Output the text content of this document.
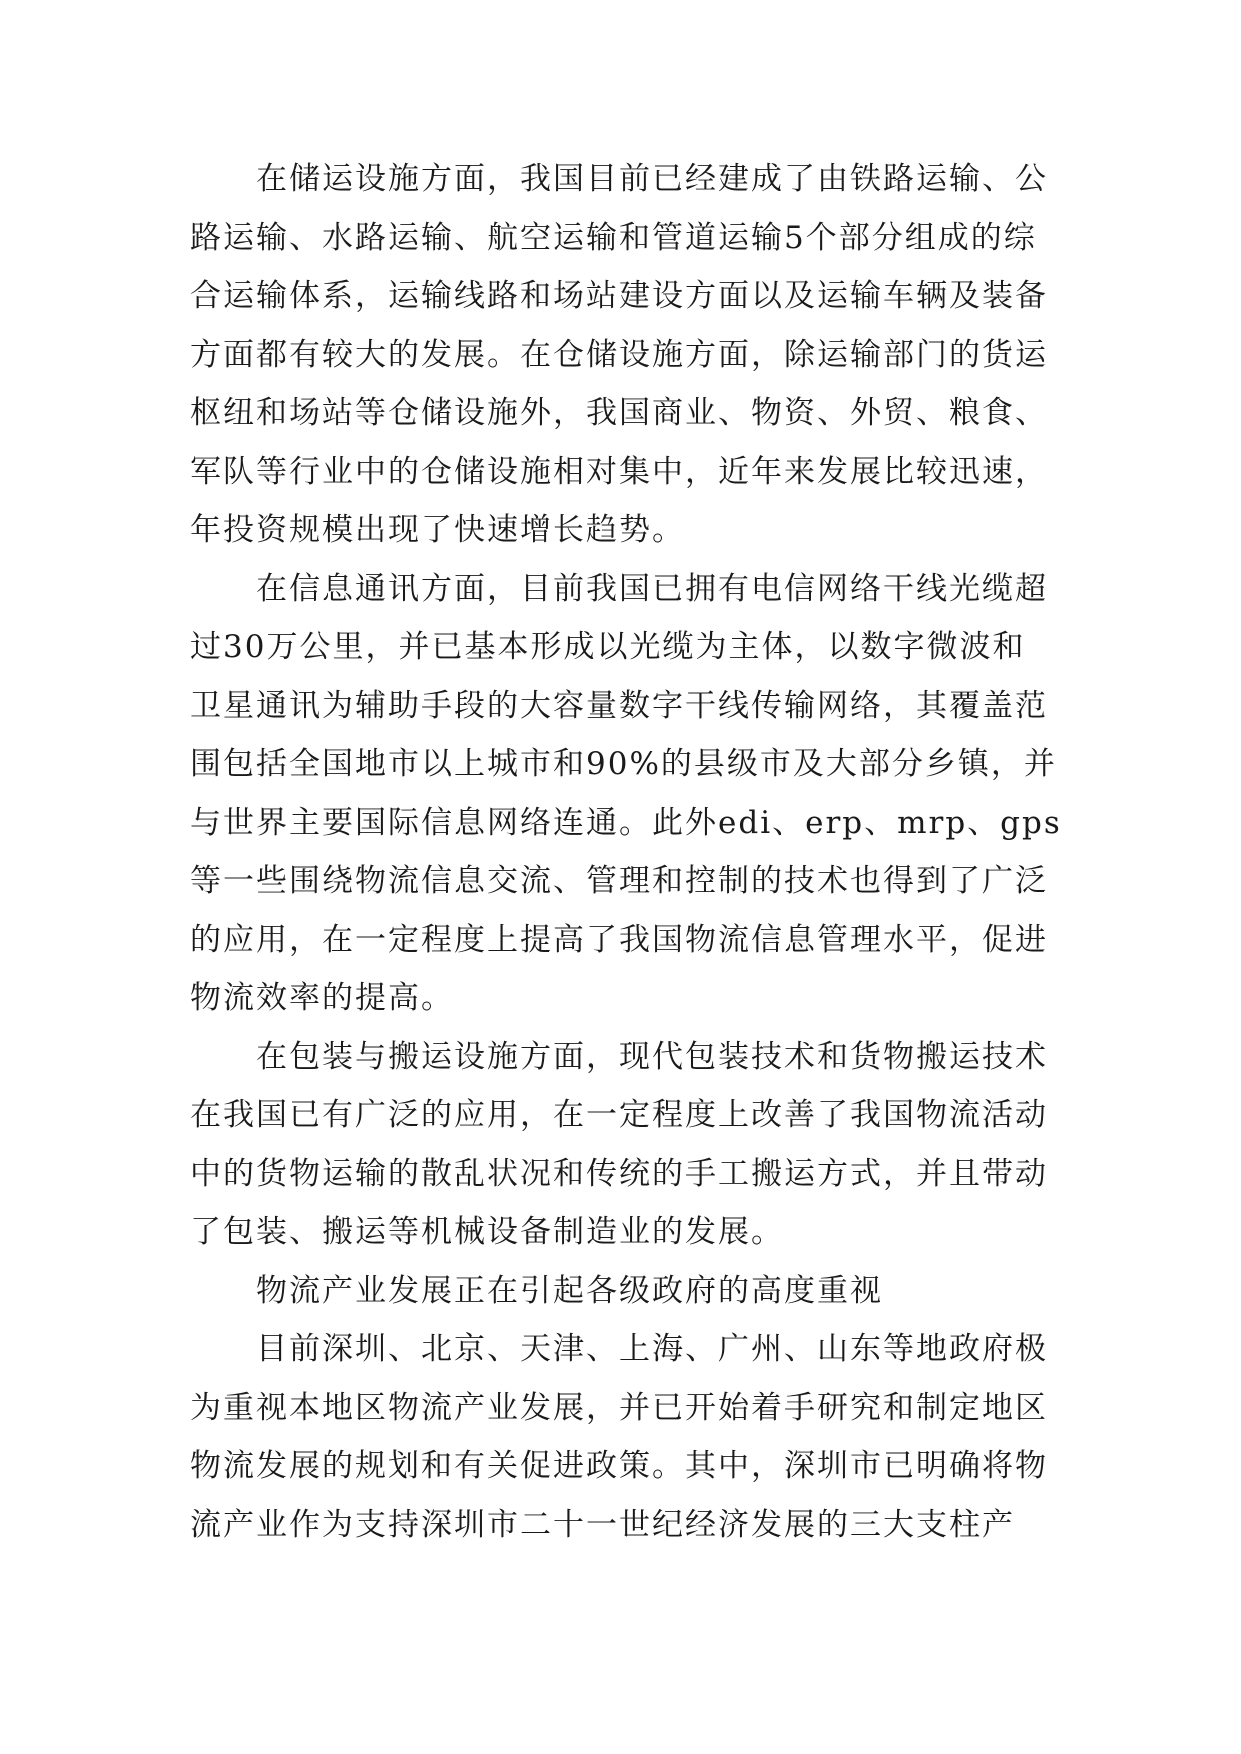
在储运设施方面，我国目前已经建成了由铁路运输、公
路运输、水路运输、航空运输和管道运输5个部分组成的综
合运输体系，运输线路和场站建设方面以及运输车辆及装备
方面都有较大的发展。在仓储设施方面，除运输部门的货运
枢纽和场站等仓储设施外，我国商业、物资、外贸、粮食、
军队等行业中的仓储设施相对集中，近年来发展比较迅速，
年投资规模出现了快速增长趋势。
在信息通讯方面，目前我国已拥有电信网络干线光缆超
过30万公里，并已基本形成以光缆为主体，以数字微波和
卫星通讯为辅助手段的大容量数字干线传输网络，其覆盖范
围包括全国地市以上城市和90%的县级市及大部分乡镇，并
与世界主要国际信息网络连通。此外edi、erp、mrp、gps
等一些围绕物流信息交流、管理和控制的技术也得到了广泛
的应用，在一定程度上提高了我国物流信息管理水平，促进
物流效率的提高。
在包装与搬运设施方面，现代包装技术和货物搬运技术
在我国已有广泛的应用，在一定程度上改善了我国物流活动
中的货物运输的散乱状况和传统的手工搬运方式，并且带动
了包装、搬运等机械设备制造业的发展。
物流产业发展正在引起各级政府的高度重视
目前深圳、北京、天津、上海、广州、山东等地政府极
为重视本地区物流产业发展，并已开始着手研究和制定地区
物流发展的规划和有关促进政策。其中，深圳市已明确将物
流产业作为支持深圳市二十一世纪经济发展的三大支柱产
